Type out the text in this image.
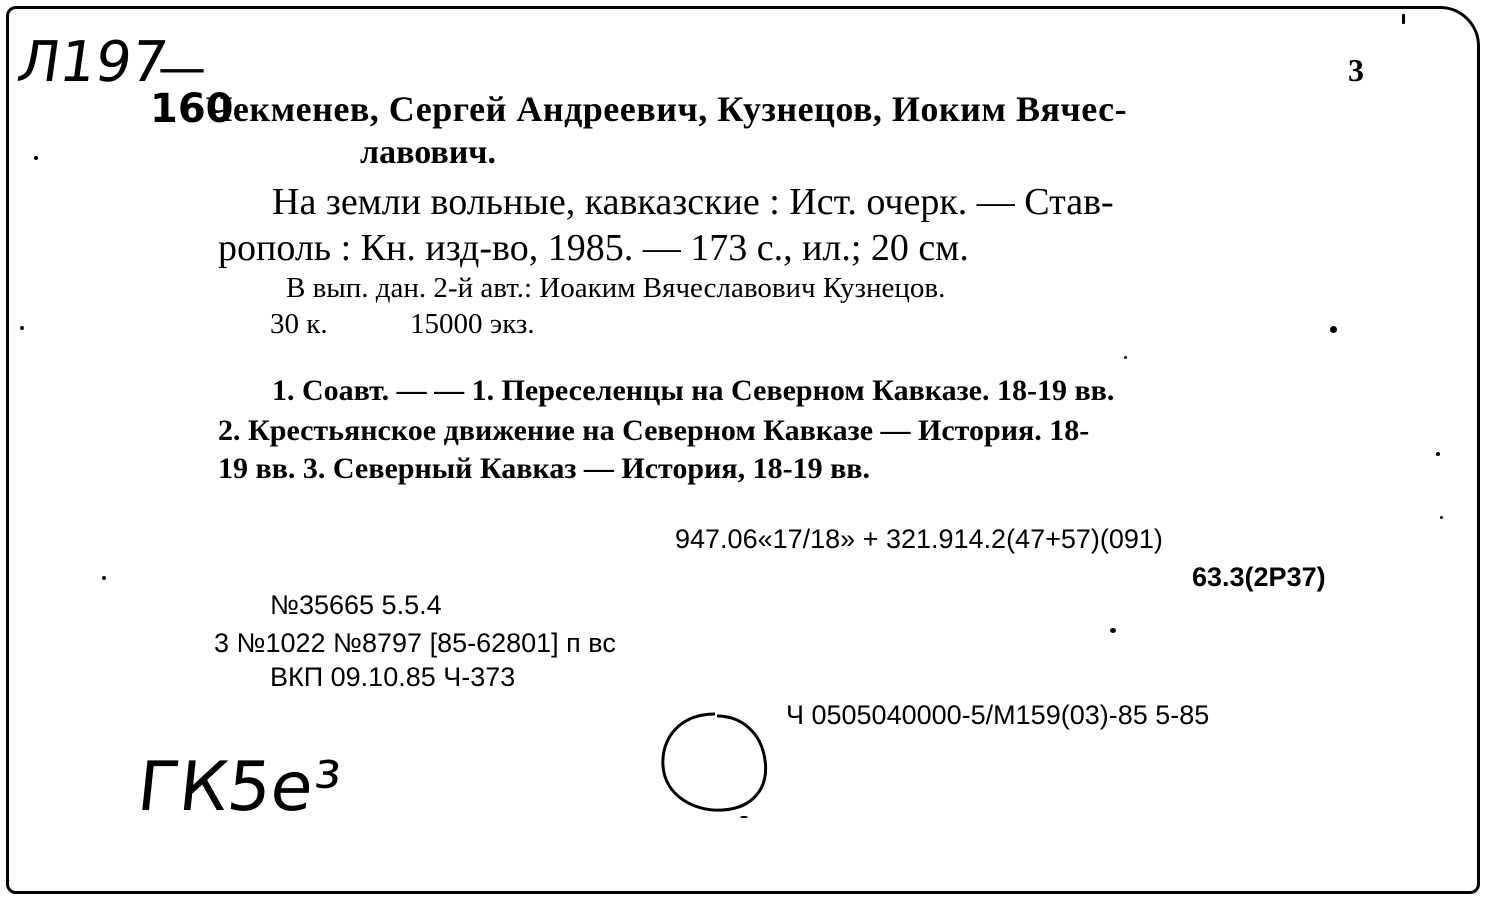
Л197
—
160
3
Чекменев, Сергей Андреевич, Кузнецов, Иоким Вячес-
лавович.
На земли вольные, кавказские : Ист. очерк. — Став-
рополь : Кн. изд-во, 1985. — 173 с., ил.; 20 см.
В вып. дан. 2-й авт.: Иоаким Вячеславович Кузнецов.
30 к.	15000 экз.
1. Соавт. — — 1. Переселенцы на Северном Кавказе. 18-19 вв.
2. Крестьянское движение на Северном Кавказе — История. 18-
19 вв. 3. Северный Кавказ — История, 18-19 вв.
947.06«17/18» + 321.914.2(47+57)(091)
63.3(2Р37)
№35665 5.5.4
3 №1022 №8797 [85-62801] п вс
ВКП 09.10.85 Ч-373
Ч 0505040000-5/М159(03)-85 5-85
ГК5е³
